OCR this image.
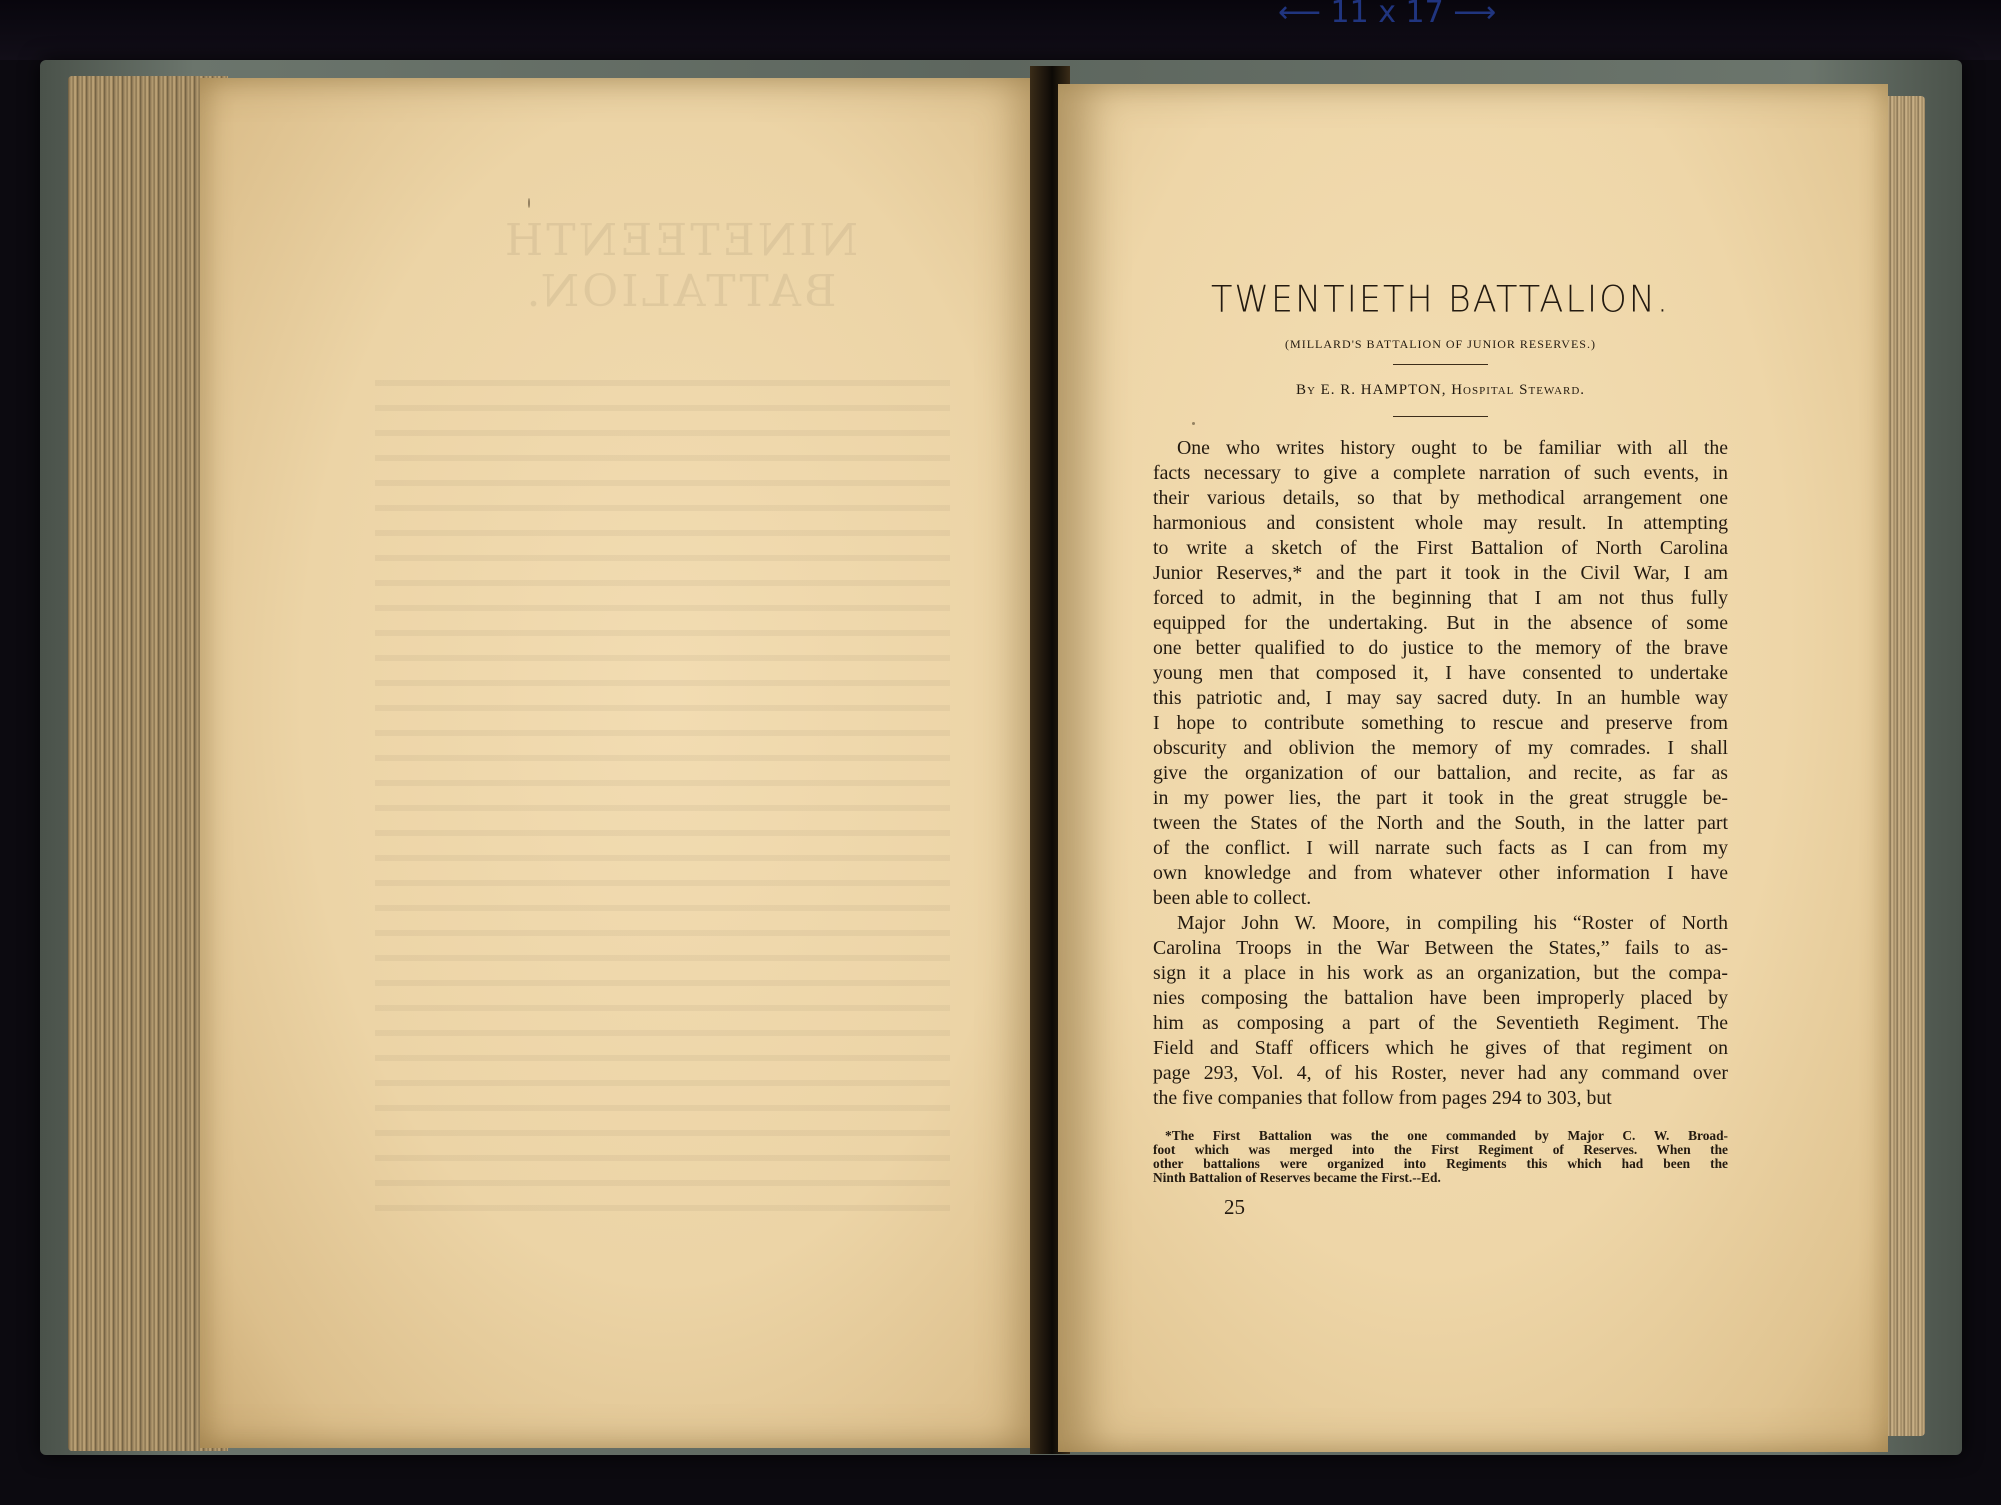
⟵ 11 x 17 ⟶
NINETEENTH BATTALION.	TWENTIETH BATTALION.
(MILLARD'S BATTALION OF JUNIOR RESERVES.)
By E. R. HAMPTON, Hospital Steward.
One who writes history ought to be familiar with all the
facts necessary to give a complete narration of such events, in
their various details, so that by methodical arrangement one
harmonious and consistent whole may result. In attempting
to write a sketch of the First Battalion of North Carolina
Junior Reserves,* and the part it took in the Civil War, I am
forced to admit, in the beginning that I am not thus fully
equipped for the undertaking. But in the absence of some
one better qualified to do justice to the memory of the brave
young men that composed it, I have consented to undertake
this patriotic and, I may say sacred duty. In an humble way
I hope to contribute something to rescue and preserve from
obscurity and oblivion the memory of my comrades. I shall
give the organization of our battalion, and recite, as far as
in my power lies, the part it took in the great struggle be-
tween the States of the North and the South, in the latter part
of the conflict. I will narrate such facts as I can from my
own knowledge and from whatever other information I have
been able to collect.
Major John W. Moore, in compiling his “Roster of North
Carolina Troops in the War Between the States,” fails to as-
sign it a place in his work as an organization, but the compa-
nies composing the battalion have been improperly placed by
him as composing a part of the Seventieth Regiment. The
Field and Staff officers which he gives of that regiment on
page 293, Vol. 4, of his Roster, never had any command over
the five companies that follow from pages 294 to 303, but
*The First Battalion was the one commanded by Major C. W. Broad-
foot which was merged into the First Regiment of Reserves. When the
other battalions were organized into Regiments this which had been the
Ninth Battalion of Reserves became the First.--Ed.
25
